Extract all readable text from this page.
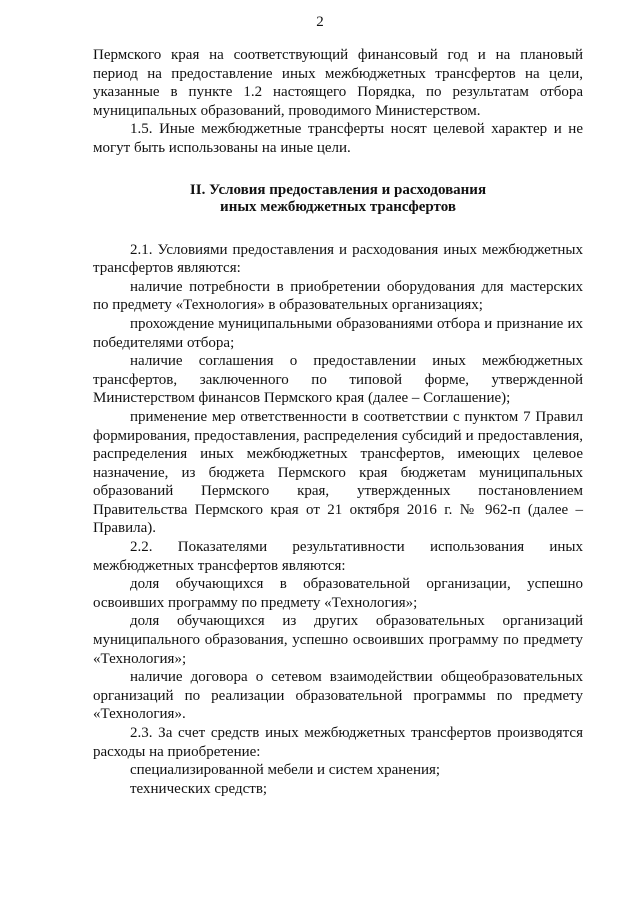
2

Пермского края на соответствующий финансовый год и на плановый период на предоставление иных межбюджетных трансфертов на цели, указанные в пункте 1.2 настоящего Порядка, по результатам отбора муниципальных образований, проводимого Министерством.

1.5. Иные межбюджетные трансферты носят целевой характер и не могут быть использованы на иные цели.

II. Условия предоставления и расходования
иных межбюджетных трансфертов

2.1. Условиями предоставления и расходования иных межбюджетных трансфертов являются:

наличие потребности в приобретении оборудования для мастерских по предмету «Технология» в образовательных организациях;

прохождение муниципальными образованиями отбора и признание их победителями отбора;

наличие соглашения о предоставлении иных межбюджетных трансфертов, заключенного по типовой форме, утвержденной Министерством финансов Пермского края (далее – Соглашение);

применение мер ответственности в соответствии с пунктом 7 Правил формирования, предоставления, распределения субсидий и предоставления, распределения иных межбюджетных трансфертов, имеющих целевое назначение, из бюджета Пермского края бюджетам муниципальных образований Пермского края, утвержденных постановлением Правительства Пермского края от 21 октября 2016 г. № 962-п (далее – Правила).

2.2. Показателями результативности использования иных межбюджетных трансфертов являются:

доля обучающихся в образовательной организации, успешно освоивших программу по предмету «Технология»;

доля обучающихся из других образовательных организаций муниципального образования, успешно освоивших программу по предмету «Технология»;

наличие договора о сетевом взаимодействии общеобразовательных организаций по реализации образовательной программы по предмету «Технология».

2.3. За счет средств иных межбюджетных трансфертов производятся расходы на приобретение:

специализированной мебели и систем хранения;

технических средств;
